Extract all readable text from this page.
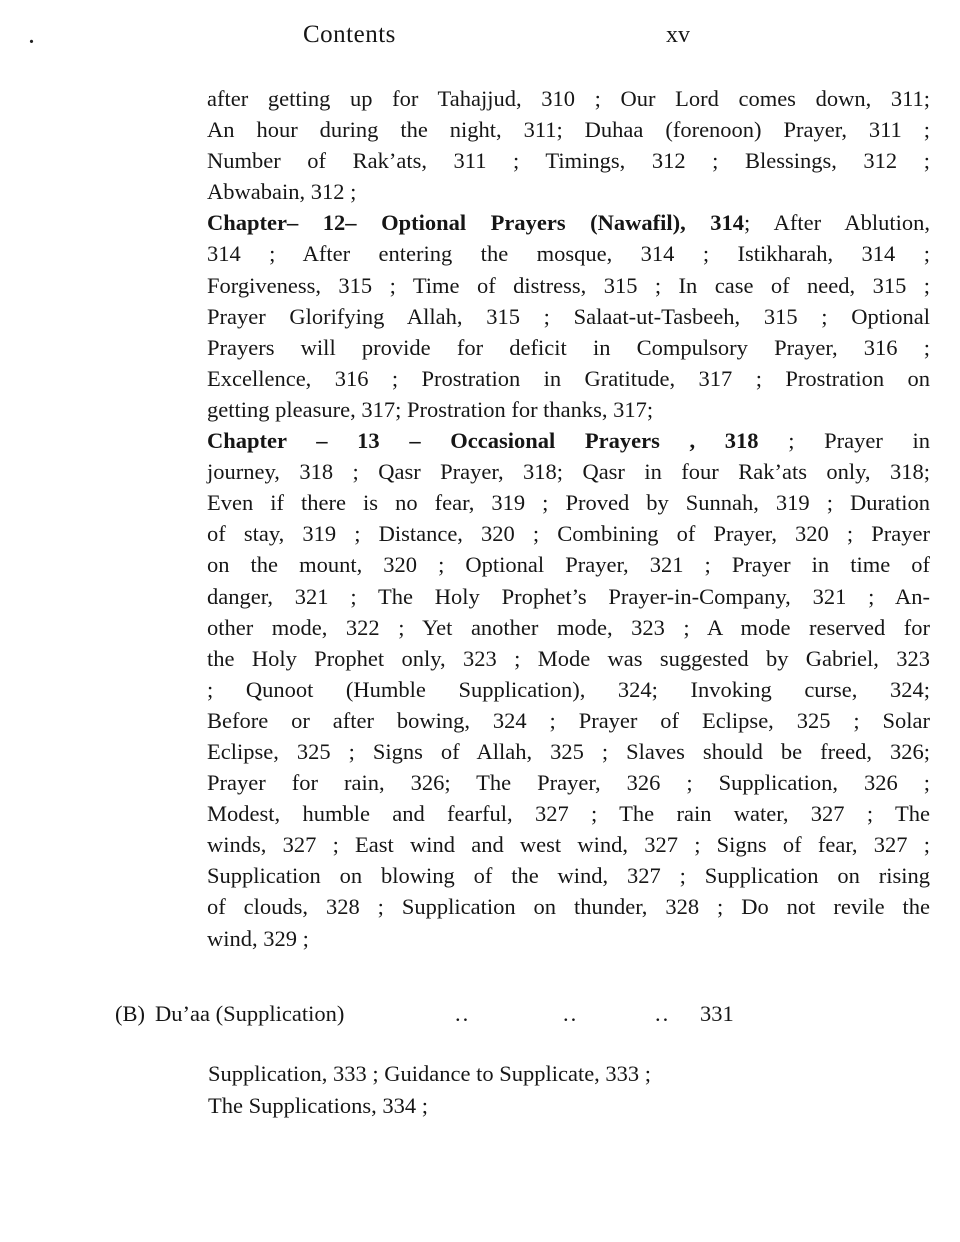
.	Contents	xv
after getting up for Tahajjud, 310 ; Our Lord comes down, 311;
An hour during the night, 311; Duhaa (forenoon) Prayer, 311 ;
Number of Rak’ats, 311 ; Timings, 312 ; Blessings, 312 ;
Abwabain, 312 ;
Chapter– 12– Optional Prayers (Nawafil), 314; After Ablution,
314 ; After entering the mosque, 314 ; Istikharah, 314 ;
Forgiveness, 315 ; Time of distress, 315 ; In case of need, 315 ;
Prayer Glorifying Allah, 315 ; Salaat-ut-Tasbeeh, 315 ; Optional
Prayers will provide for deficit in Compulsory Prayer, 316 ;
Excellence, 316 ; Prostration in Gratitude, 317 ; Prostration on
getting pleasure, 317; Prostration for thanks, 317;
Chapter – 13 – Occasional Prayers , 318 ; Prayer in
journey, 318 ; Qasr Prayer, 318; Qasr in four Rak’ats only, 318;
Even if there is no fear, 319 ; Proved by Sunnah, 319 ; Duration
of stay, 319 ; Distance, 320 ; Combining of Prayer, 320 ; Prayer
on the mount, 320 ; Optional Prayer, 321 ; Prayer in time of
danger, 321 ; The Holy Prophet’s Prayer-in-Company, 321 ; An-
other mode, 322 ; Yet another mode, 323 ; A mode reserved for
the Holy Prophet only, 323 ; Mode was suggested by Gabriel, 323
; Qunoot (Humble Supplication), 324; Invoking curse, 324;
Before or after bowing, 324 ; Prayer of Eclipse, 325 ; Solar
Eclipse, 325 ; Signs of Allah, 325 ; Slaves should be freed, 326;
Prayer for rain, 326; The Prayer, 326 ; Supplication, 326 ;
Modest, humble and fearful, 327 ; The rain water, 327 ; The
winds, 327 ; East wind and west wind, 327 ; Signs of fear, 327 ;
Supplication on blowing of the wind, 327 ; Supplication on rising
of clouds, 328 ; Supplication on thunder, 328 ; Do not revile the
wind, 329 ;
(B) Du’aa (Supplication)	..	..	.. 331
Supplication, 333 ; Guidance to Supplicate, 333 ;
The Supplications, 334 ;
